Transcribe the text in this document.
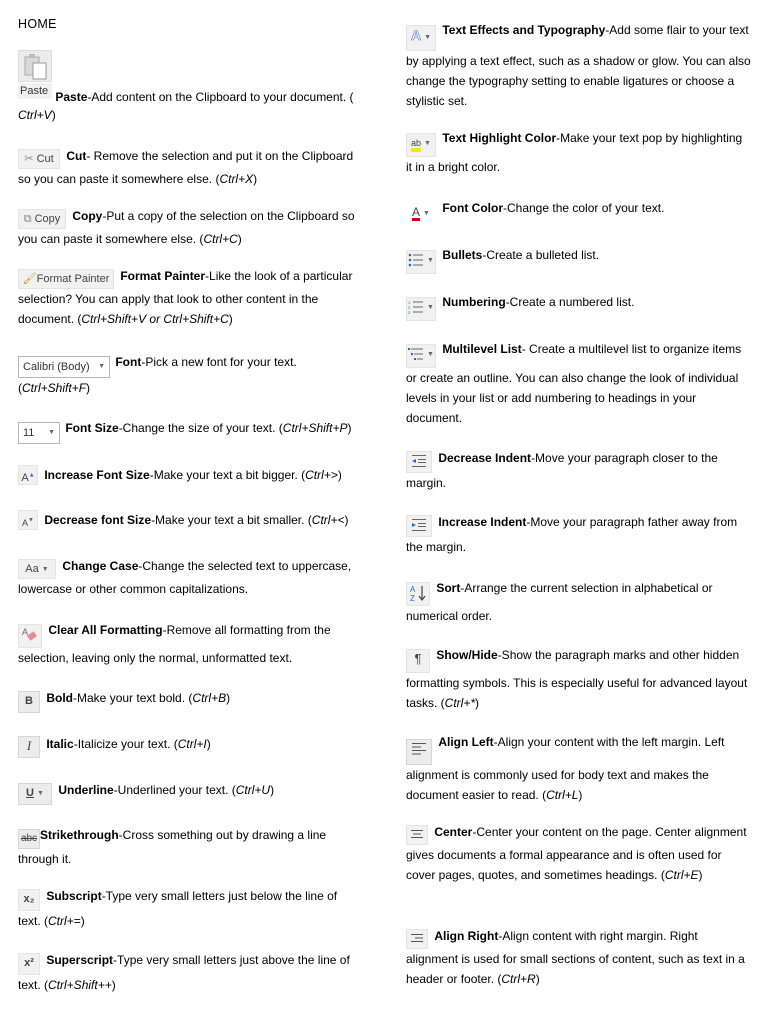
HOME
Paste Paste-Add content on the Clipboard to your document. (
Ctrl+V)
✂ Cut Cut- Remove the selection and put it on the Clipboard so you can paste it somewhere else. (Ctrl+X)
⧉ Copy Copy-Put a copy of the selection on the Clipboard so you can paste it somewhere else. (Ctrl+C)
🖌Format Painter Format Painter-Like the look of a particular selection? You can apply that look to other content in the document. (Ctrl+Shift+V or Ctrl+Shift+C)
Calibri (Body) ▼ Font-Pick a new font for your text. (Ctrl+Shift+F)
11 ▼ Font Size-Change the size of your text. (Ctrl+Shift+P)
A▲ Increase Font Size-Make your text a bit bigger. (Ctrl+>)
A▼ Decrease font Size-Make your text a bit smaller. (Ctrl+<)
Aa ▼ Change Case-Change the selected text to uppercase, lowercase or other common capitalizations.
A Clear All Formatting-Remove all formatting from the selection, leaving only the normal, unformatted text.
B Bold-Make your text bold. (Ctrl+B)
I Italic-Italicize your text. (Ctrl+I)
U ▼ Underline-Underlined your text. (Ctrl+U)
abc Strikethrough-Cross something out by drawing a line through it.
x₂ Subscript-Type very small letters just below the line of text. (Ctrl+=)
x² Superscript-Type very small letters just above the line of text. (Ctrl+Shift++)
A ▼ Text Effects and Typography-Add some flair to your text by applying a text effect, such as a shadow or glow. You can also change the typography setting to enable ligatures or choose a stylistic set.
ab ▼ Text Highlight Color-Make your text pop by highlighting it in a bright color.
A ▼ Font Color-Change the color of your text.
▼ Bullets-Create a bulleted list.
1
2
3
▼ Numbering-Create a numbered list.
▼ Multilevel List- Create a multilevel list to organize items or create an outline. You can also change the look of individual levels in your list or add numbering to headings in your document.
Decrease Indent-Move your paragraph closer to the margin.
Increase Indent-Move your paragraph father away from the margin.
A
Z
Sort-Arrange the current selection in alphabetical or numerical order.
¶ Show/Hide-Show the paragraph marks and other hidden formatting symbols. This is especially useful for advanced layout tasks. (Ctrl+*)
Align Left-Align your content with the left margin. Left alignment is commonly used for body text and makes the document easier to read. (Ctrl+L)
Center-Center your content on the page. Center alignment gives documents a formal appearance and is often used for cover pages, quotes, and sometimes headings. (Ctrl+E)
Align Right-Align content with right margin. Right alignment is used for small sections of content, such as text in a header or footer. (Ctrl+R)
